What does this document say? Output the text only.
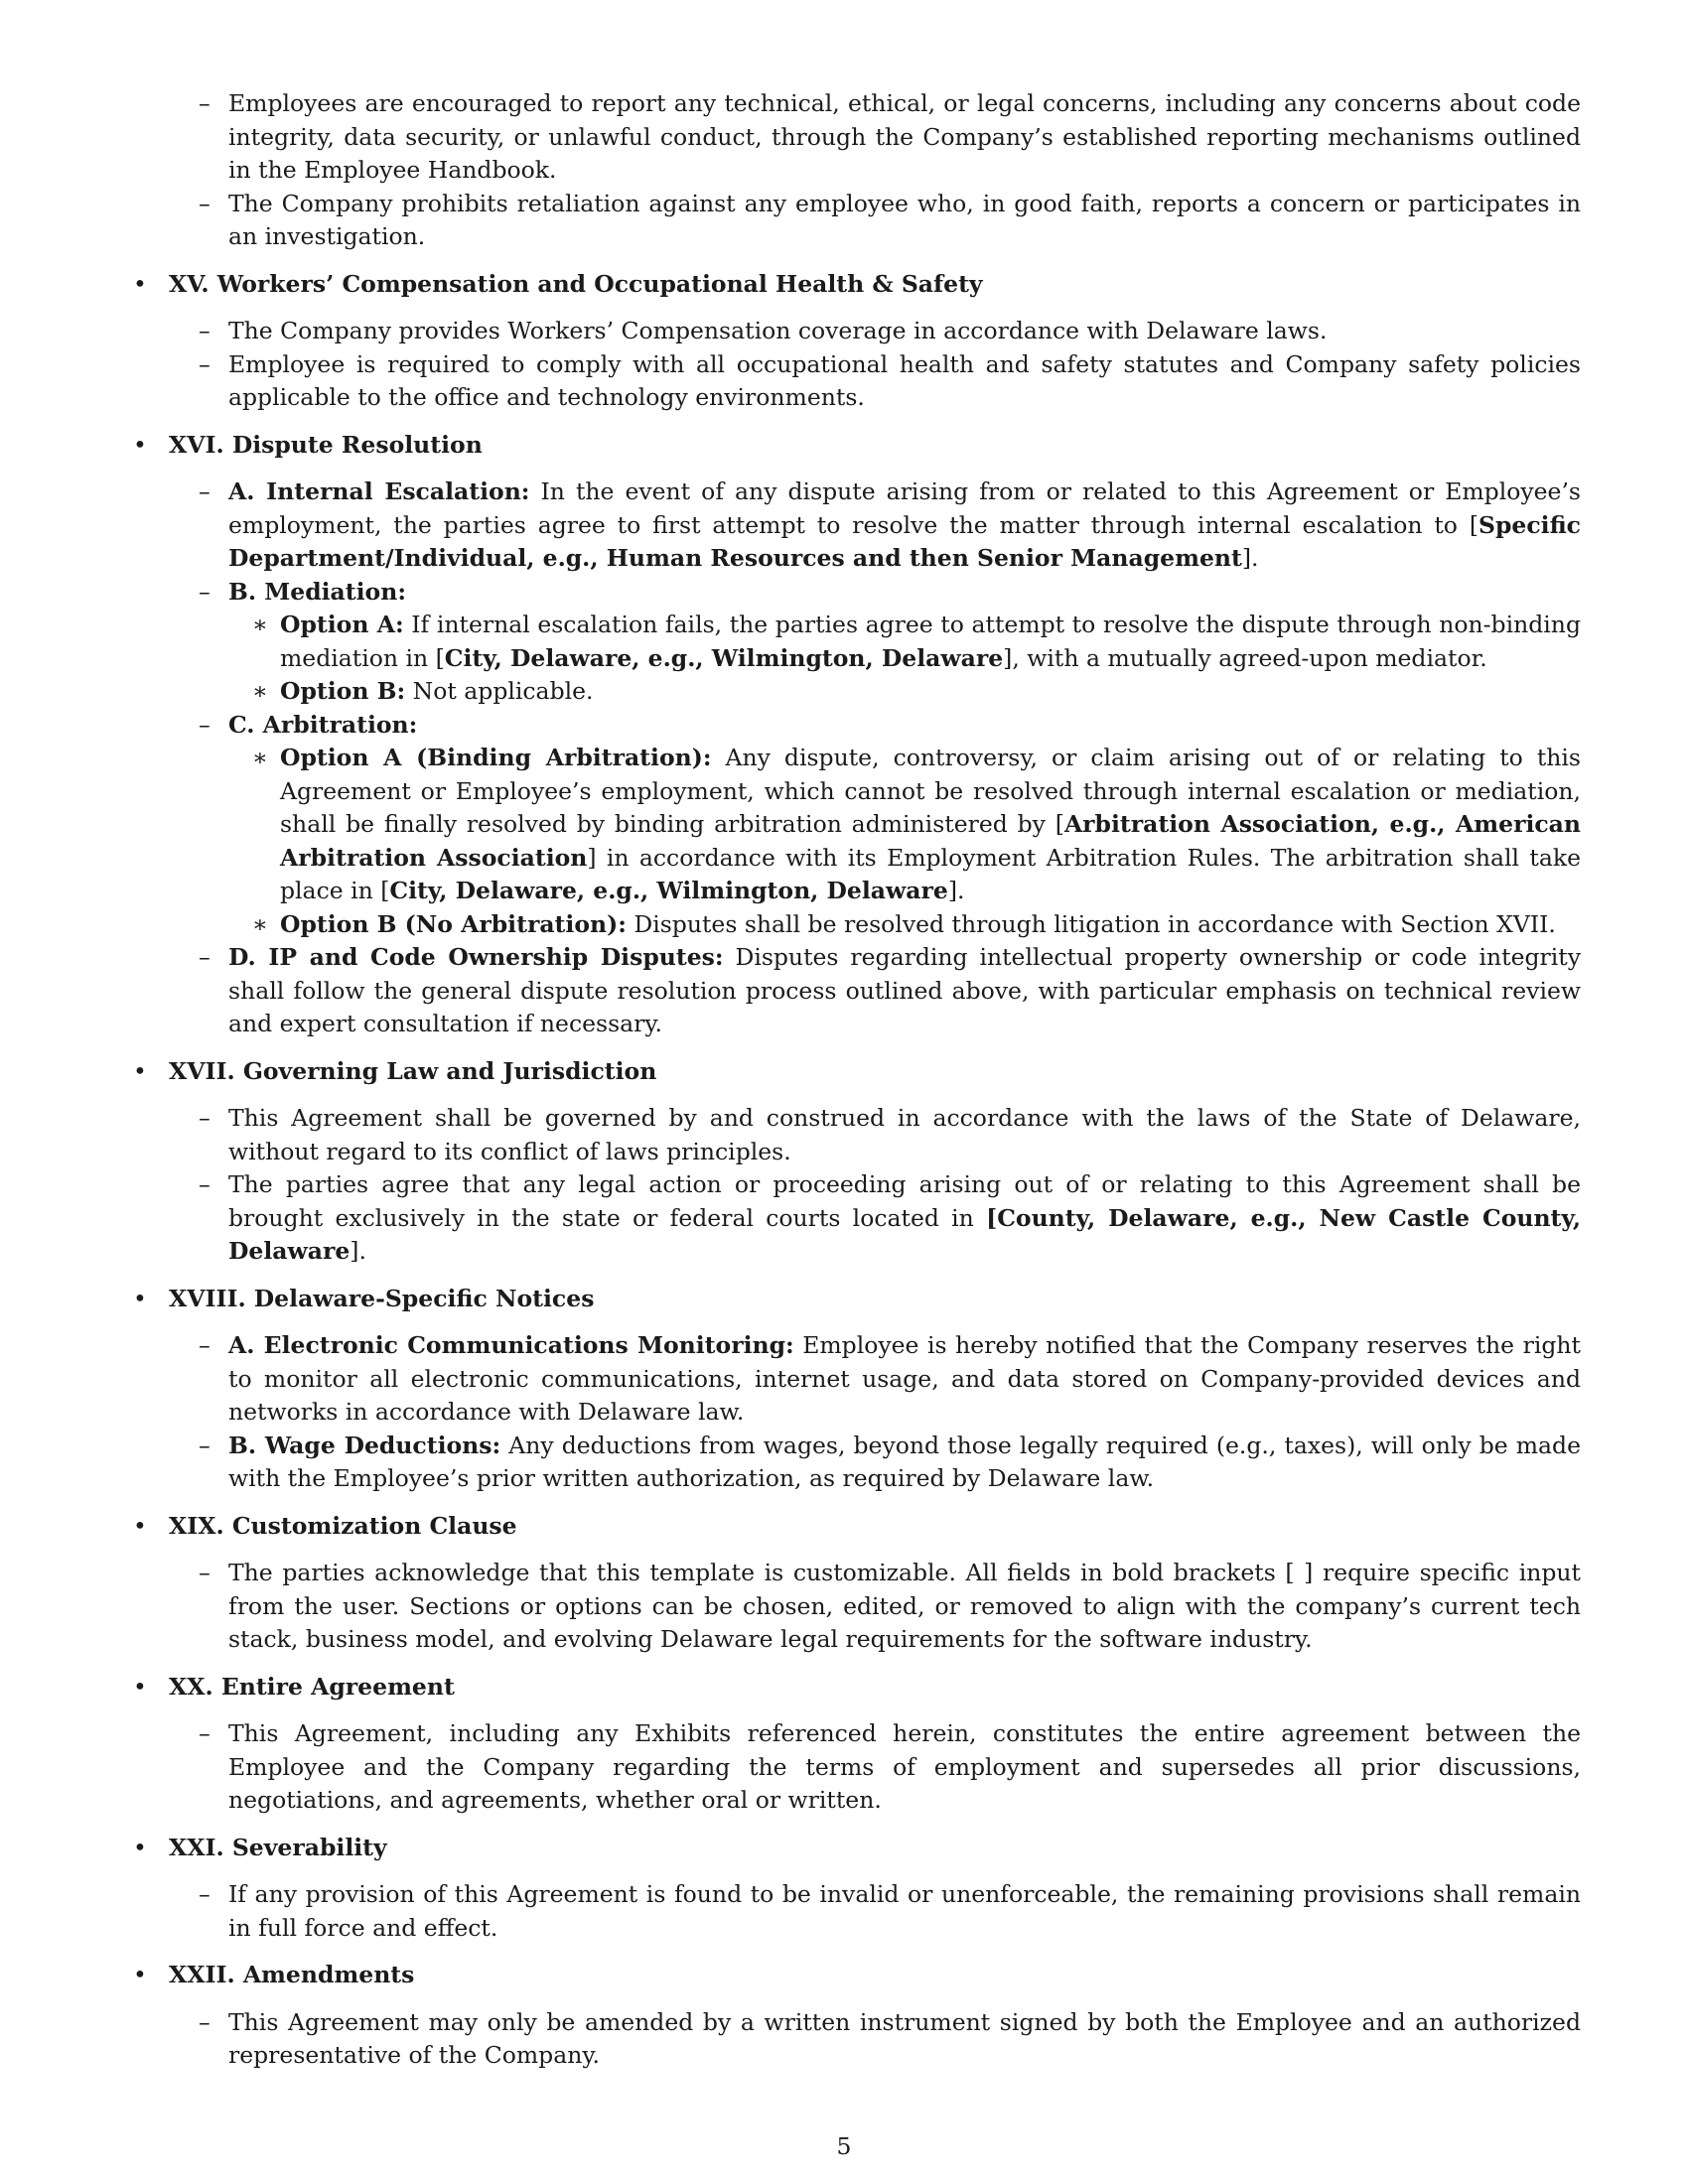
– Employees are encouraged to report any technical, ethical, or legal concerns, including any concerns about code integrity, data security, or unlawful conduct, through the Company’s established reporting mechanisms outlined in the Employee Handbook.
– The Company prohibits retaliation against any employee who, in good faith, reports a concern or participates in an investigation.
• XV. Workers’ Compensation and Occupational Health & Safety
– The Company provides Workers’ Compensation coverage in accordance with Delaware laws.
– Employee is required to comply with all occupational health and safety statutes and Company safety policies applicable to the office and technology environments.
• XVI. Dispute Resolution
– A. Internal Escalation: In the event of any dispute arising from or related to this Agreement or Employee’s employment, the parties agree to first attempt to resolve the matter through internal escalation to [Specific Department/Individual, e.g., Human Resources and then Senior Management].
– B. Mediation:
∗ Option A: If internal escalation fails, the parties agree to attempt to resolve the dispute through non-binding mediation in [City, Delaware, e.g., Wilmington, Delaware], with a mutually agreed-upon mediator.
∗ Option B: Not applicable.
– C. Arbitration:
∗ Option A (Binding Arbitration): Any dispute, controversy, or claim arising out of or relating to this Agreement or Employee’s employment, which cannot be resolved through internal escalation or mediation, shall be finally resolved by binding arbitration administered by [Arbitration Association, e.g., American Arbitration Association] in accordance with its Employment Arbitration Rules. The arbitration shall take place in [City, Delaware, e.g., Wilmington, Delaware].
∗ Option B (No Arbitration): Disputes shall be resolved through litigation in accordance with Section XVII.
– D. IP and Code Ownership Disputes: Disputes regarding intellectual property ownership or code integrity shall follow the general dispute resolution process outlined above, with particular emphasis on technical review and expert consultation if necessary.
• XVII. Governing Law and Jurisdiction
– This Agreement shall be governed by and construed in accordance with the laws of the State of Delaware, without regard to its conflict of laws principles.
– The parties agree that any legal action or proceeding arising out of or relating to this Agreement shall be brought exclusively in the state or federal courts located in [County, Delaware, e.g., New Castle County, Delaware].
• XVIII. Delaware-Specific Notices
– A. Electronic Communications Monitoring: Employee is hereby notified that the Company reserves the right to monitor all electronic communications, internet usage, and data stored on Company-provided devices and networks in accordance with Delaware law.
– B. Wage Deductions: Any deductions from wages, beyond those legally required (e.g., taxes), will only be made with the Employee’s prior written authorization, as required by Delaware law.
• XIX. Customization Clause
– The parties acknowledge that this template is customizable. All fields in bold brackets [ ] require specific input from the user. Sections or options can be chosen, edited, or removed to align with the company’s current tech stack, business model, and evolving Delaware legal requirements for the software industry.
• XX. Entire Agreement
– This Agreement, including any Exhibits referenced herein, constitutes the entire agreement between the Employee and the Company regarding the terms of employment and supersedes all prior discussions, negotiations, and agreements, whether oral or written.
• XXI. Severability
– If any provision of this Agreement is found to be invalid or unenforceable, the remaining provisions shall remain in full force and effect.
• XXII. Amendments
– This Agreement may only be amended by a written instrument signed by both the Employee and an authorized representative of the Company.
5
